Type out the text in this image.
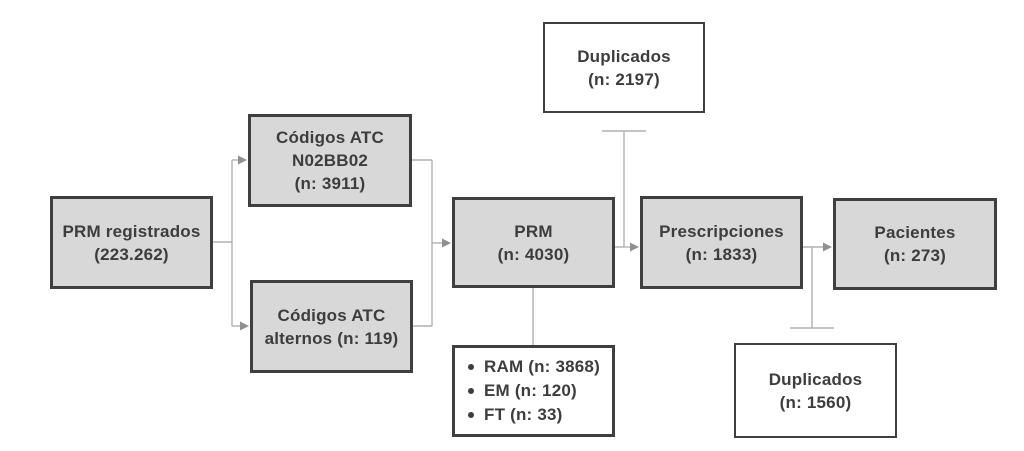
PRM registrados
(223.262)
Códigos ATC
N02BB02
(n: 3911)
Códigos ATC
alternos (n: 119)
PRM
(n: 4030)
Prescripciones
(n: 1833)
Pacientes
(n: 273)
Duplicados
(n: 2197)
Duplicados
(n: 1560)
RAM (n: 3868)
EM (n: 120)
FT (n: 33)
